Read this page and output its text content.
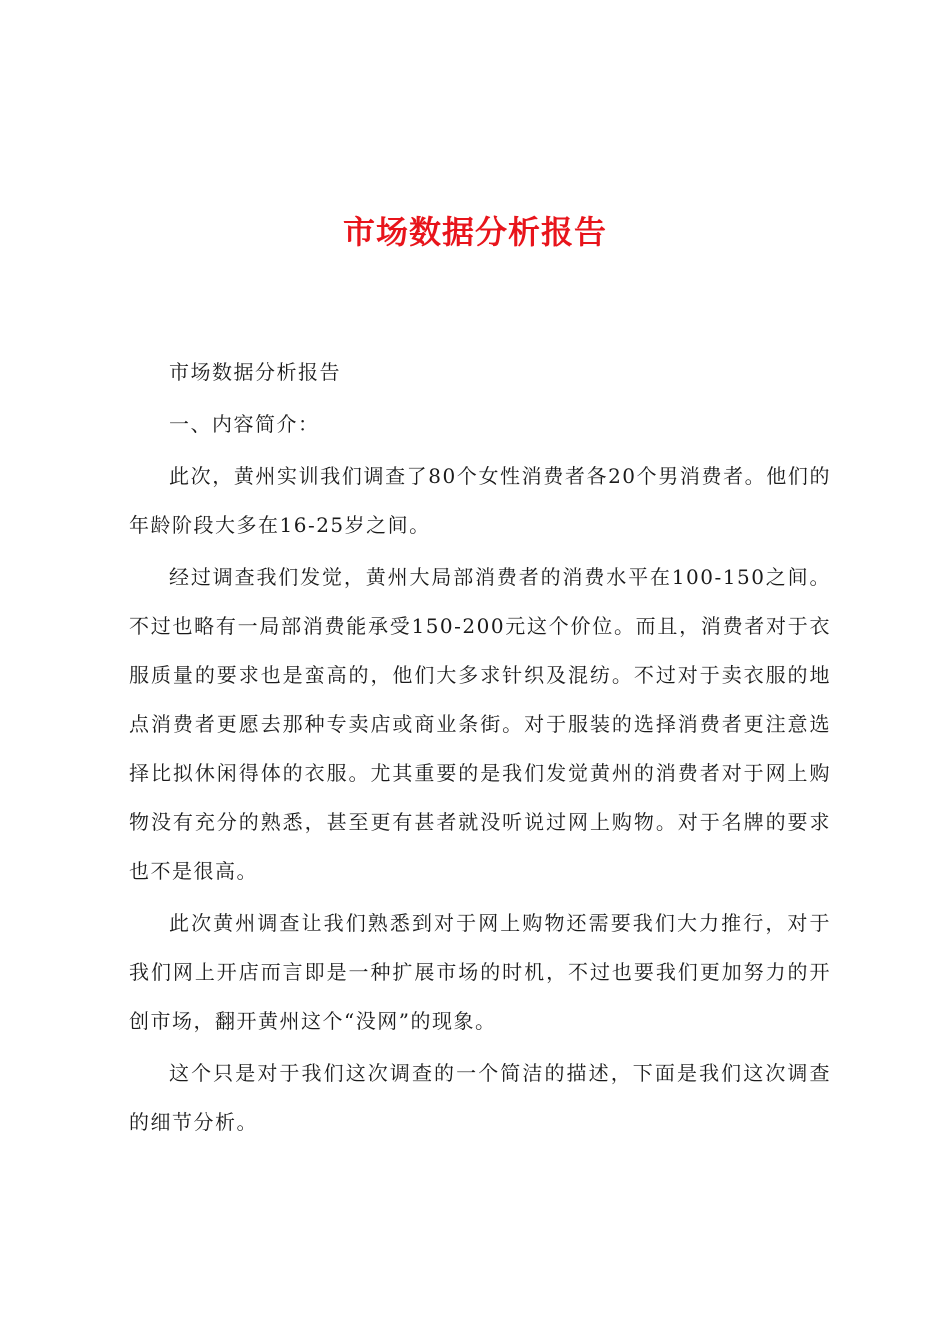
市场数据分析报告

市场数据分析报告

一、内容简介：

此次，黄州实训我们调查了80个女性消费者各20个男消费者。他们的年龄阶段大多在16-25岁之间。

经过调查我们发觉，黄州大局部消费者的消费水平在100-150之间。不过也略有一局部消费能承受150-200元这个价位。而且，消费者对于衣服质量的要求也是蛮高的，他们大多求针织及混纺。不过对于卖衣服的地点消费者更愿去那种专卖店或商业条街。对于服装的选择消费者更注意选择比拟休闲得体的衣服。尤其重要的是我们发觉黄州的消费者对于网上购物没有充分的熟悉，甚至更有甚者就没听说过网上购物。对于名牌的要求也不是很高。

此次黄州调查让我们熟悉到对于网上购物还需要我们大力推行，对于我们网上开店而言即是一种扩展市场的时机，不过也要我们更加努力的开创市场，翻开黄州这个“没网”的现象。

这个只是对于我们这次调查的一个简洁的描述，下面是我们这次调查的细节分析。
